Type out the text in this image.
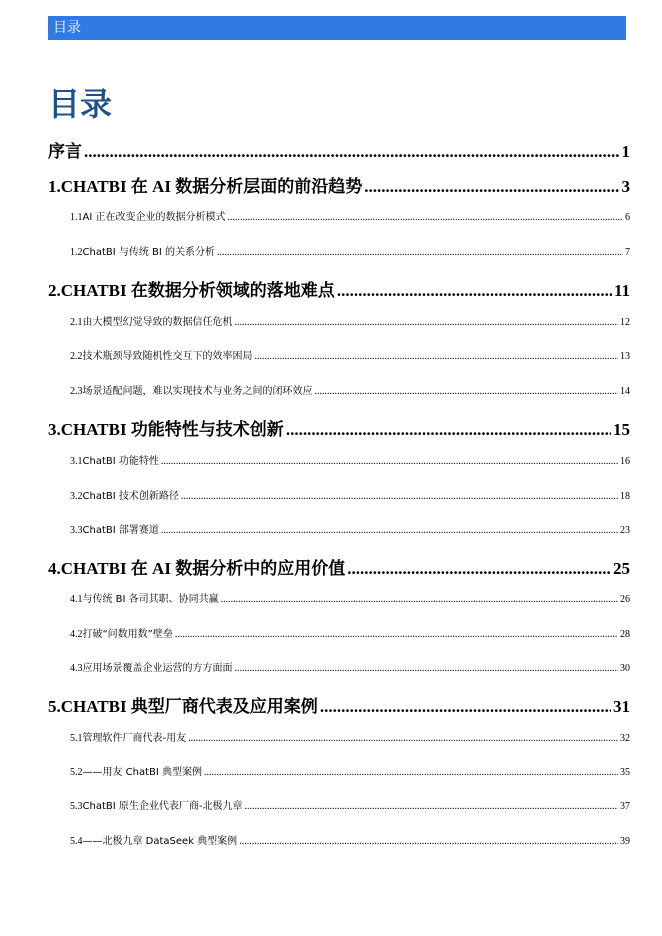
目录
目录
序言 .....	1
1. CHATBI 在 AI 数据分析层面的前沿趋势 .....	3
1.1 AI 正在改变企业的数据分析模式 .....	6
1.2 ChatBI 与传统 BI 的关系分析 .....	7
2. CHATBI 在数据分析领域的落地难点 .....	11
2.1 由大模型幻觉导致的数据信任危机 .....	12
2.2 技术瓶颈导致随机性交互下的效率困局 .....	13
2.3 场景适配问题，难以实现技术与业务之间的闭环效应 .....	14
3. CHATBI 功能特性与技术创新 .....	15
3.1 ChatBI 功能特性 .....	16
3.2 ChatBI 技术创新路径 .....	18
3.3 ChatBI 部署赛道 .....	23
4. CHATBI 在 AI 数据分析中的应用价值 .....	25
4.1 与传统 BI 各司其职、协同共赢 .....	26
4.2 打破“问数用数”壁垒 .....	28
4.3 应用场景覆盖企业运营的方方面面 .....	30
5. CHATBI 典型厂商代表及应用案例 .....	31
5.1 管理软件厂商代表-用友 .....	32
5.2 ——用友 ChatBI 典型案例 .....	35
5.3 ChatBI 原生企业代表厂商-北极九章 .....	37
5.4 ——北极九章 DataSeek 典型案例 .....	39
